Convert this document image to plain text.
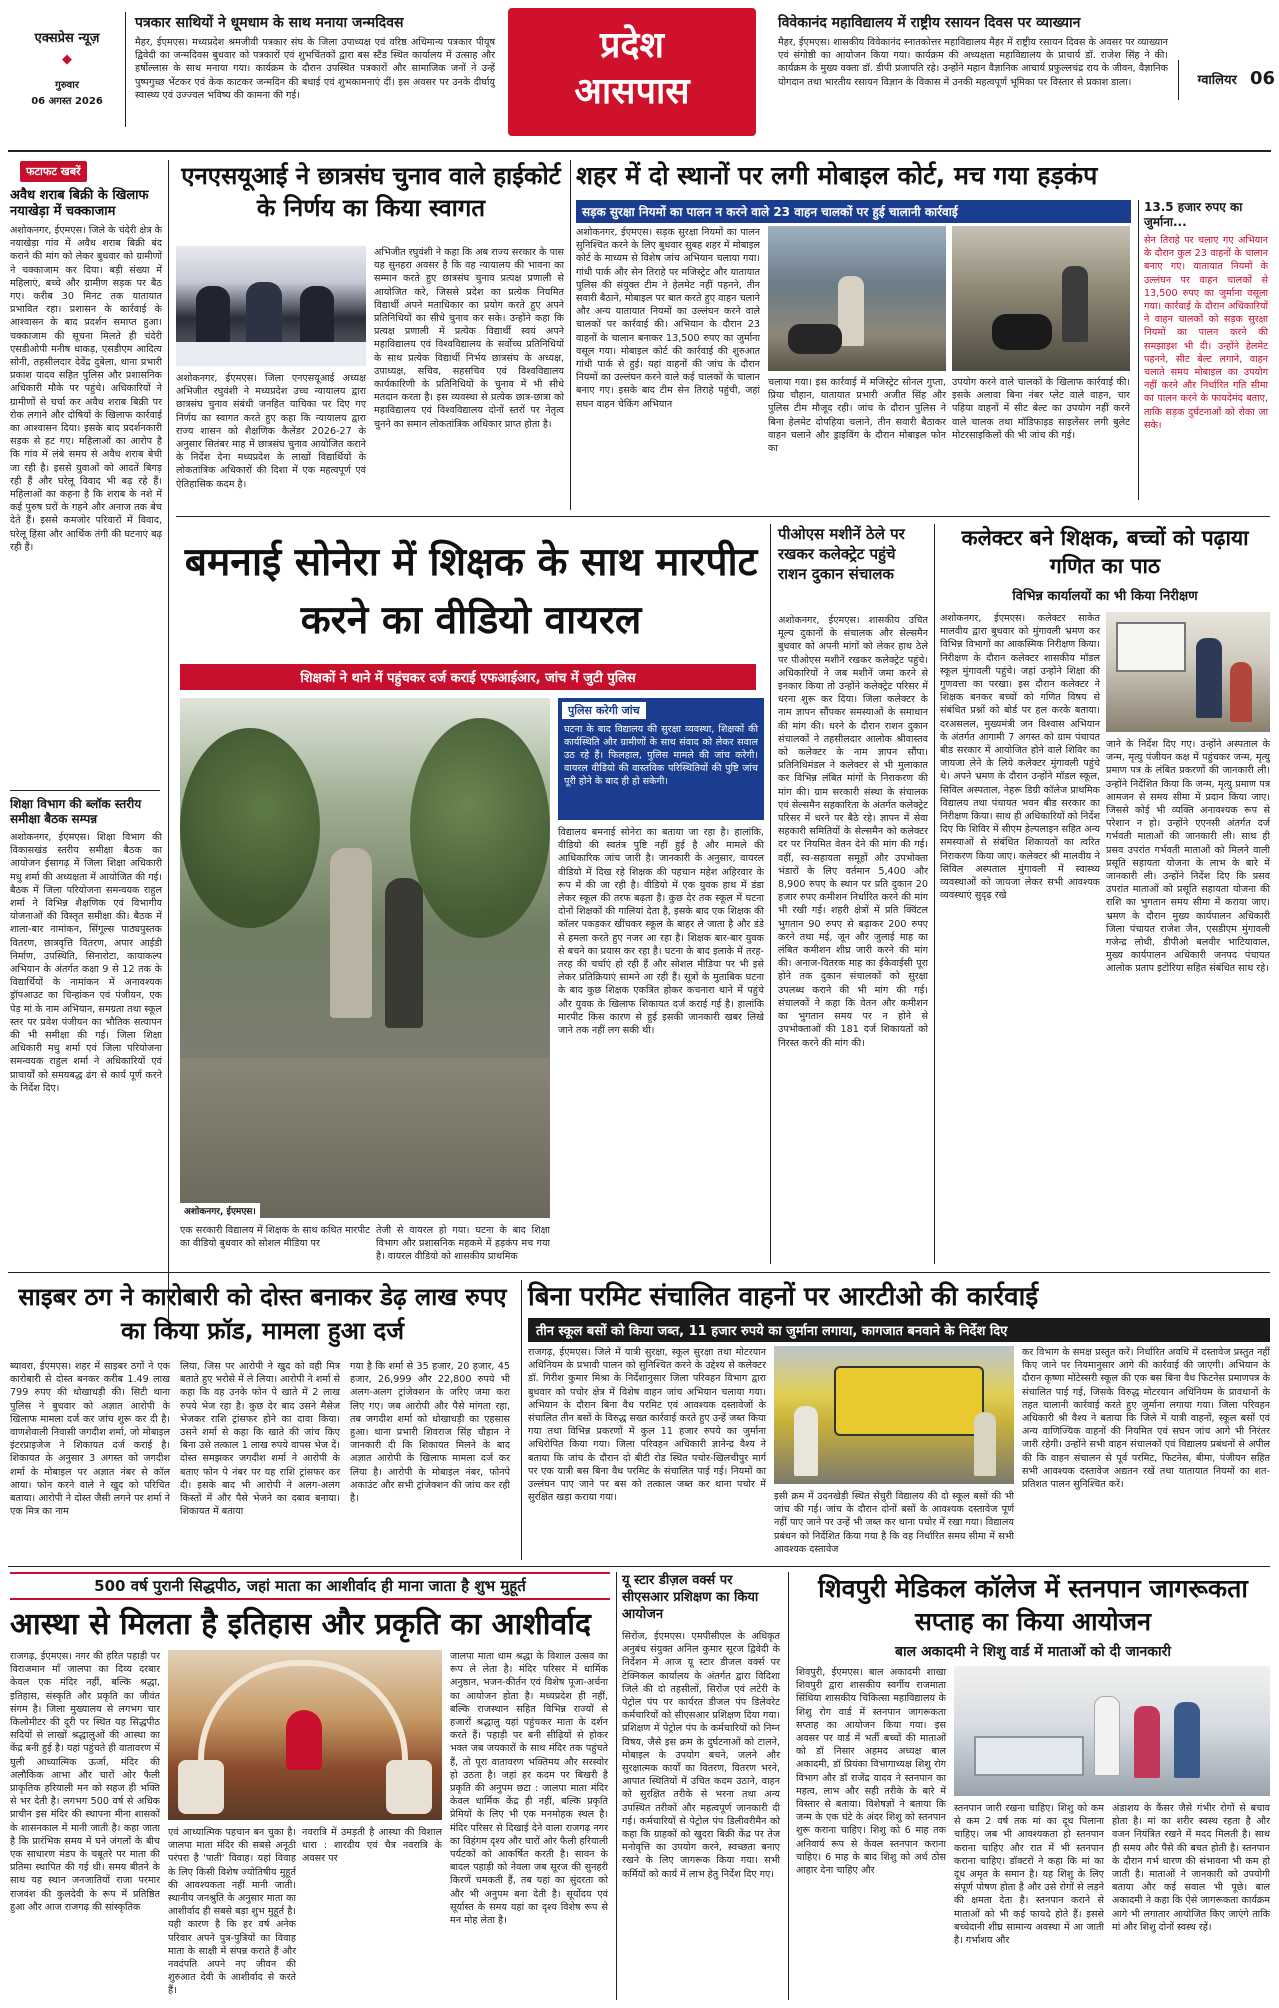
एक्सप्रेस न्यूज़
◆
गुरुवार
06 अगस्त 2026
पत्रकार साथियों ने धूमधाम के साथ मनाया जन्मदिवस
मैहर, ईएमएस। मध्यप्रदेश श्रमजीवी पत्रकार संघ के जिला उपाध्यक्ष एवं वरिष्ठ अधिमान्य पत्रकार पीयूष द्विवेदी का जन्मदिवस बुधवार को पत्रकारों एवं शुभचिंतकों द्वारा बस स्टैंड स्थित कार्यालय में उत्साह और हर्षोल्लास के साथ मनाया गया। कार्यक्रम के दौरान उपस्थित पत्रकारों और सामाजिक जनों ने उन्हें पुष्पगुच्छ भेंटकर एवं केक काटकर जन्मदिन की बधाई एवं शुभकामनाएं दीं। इस अवसर पर उनके दीर्घायु स्वास्थ्य एवं उज्ज्वल भविष्य की कामना की गई।
प्रदेश
आसपास
विवेकानंद महाविद्यालय में राष्ट्रीय रसायन दिवस पर व्याख्यान
मैहर, ईएमएस। शासकीय विवेकानंद स्नातकोत्तर महाविद्यालय मैहर में राष्ट्रीय रसायन दिवस के अवसर पर व्याख्यान एवं संगोष्ठी का आयोजन किया गया। कार्यक्रम की अध्यक्षता महाविद्यालय के प्राचार्य डॉ. राजेश सिंह ने की। कार्यक्रम के मुख्य वक्ता डॉ. डीपी प्रजापति रहे। उन्होंने महान वैज्ञानिक आचार्य प्रफुल्लचंद्र राय के जीवन, वैज्ञानिक योगदान तथा भारतीय रसायन विज्ञान के विकास में उनकी महत्वपूर्ण भूमिका पर विस्तार से प्रकाश डाला।	ग्वालियर 06
फटाफट खबरें
अवैध शराब बिक्री के खिलाफ नयाखेड़ा में चक्काजाम
अशोकनगर, ईएमएस। जिले के चंदेरी क्षेत्र के नयाखेड़ा गांव में अवैध शराब बिक्री बंद कराने की मांग को लेकर बुधवार को ग्रामीणों ने चक्काजाम कर दिया। बड़ी संख्या में महिलाएं, बच्चे और ग्रामीण सड़क पर बैठ गए। करीब 30 मिनट तक यातायात प्रभावित रहा। प्रशासन के कार्रवाई के आश्वासन के बाद प्रदर्शन समाप्त हुआ। चक्काजाम की सूचना मिलते ही चंदेरी एसडीओपी मनीष धाकड़, एसडीएम आदित्य सोनी, तहसीलदार देवेंद्र दुबेला, थाना प्रभारी प्रकाश यादव सहित पुलिस और प्रशासनिक अधिकारी मौके पर पहुंचे। अधिकारियों ने ग्रामीणों से चर्चा कर अवैध शराब बिक्री पर रोक लगाने और दोषियों के खिलाफ कार्रवाई का आश्वासन दिया। इसके बाद प्रदर्शनकारी सड़क से हट गए। महिलाओं का आरोप है कि गांव में लंबे समय से अवैध शराब बेची जा रही है। इससे युवाओं को आदतें बिगड़ रही हैं और घरेलू विवाद भी बढ़ रहे हैं। महिलाओं का कहना है कि शराब के नशे में कई पुरुष घरों के गहने और अनाज तक बेच देते हैं। इससे कमजोर परिवारों में विवाद, घरेलू हिंसा और आर्थिक तंगी की घटनाएं बढ़ रही हैं।
शिक्षा विभाग की ब्लॉक स्तरीय समीक्षा बैठक सम्पन्न
अशोकनगर, ईएमएस। शिक्षा विभाग की विकासखंड स्तरीय समीक्षा बैठक का आयोजन ईसागढ़ में जिला शिक्षा अधिकारी मधु शर्मा की अध्यक्षता में आयोजित की गई। बैठक में जिला परियोजना समन्वयक राहुल शर्मा ने विभिन्न शैक्षणिक एवं विभागीय योजनाओं की विस्तृत समीक्षा की। बैठक में शाला-बार नामांकन, सिंगूल्स पाठ्यपुस्तक वितरण, छात्रवृत्ति वितरण, अपार आईडी निर्माण, उपस्थिति, सिनारोटा, कायाकल्प अभियान के अंतर्गत कक्षा 9 से 12 तक के विद्यार्थियों के नामांकन में अनावश्यक ड्रॉपआउट का चिन्हांकन एवं पंजीयन, एक पेड़ मां के नाम अभियान, समग्रता तथा स्कूल स्तर पर प्रवेश पंजीयन का भौतिक सत्यापन की भी समीक्षा की गई। जिला शिक्षा अधिकारी मधु शर्मा एवं जिला परियोजना समन्वयक राहुल शर्मा ने अधिकारियों एवं प्राचार्यों को समयबद्ध ढंग से कार्य पूर्ण करने के निर्देश दिए।
एनएसयूआई ने छात्रसंघ चुनाव वाले हाईकोर्ट के निर्णय का किया स्वागत
अशोकनगर, ईएमएस। जिला एनएसयूआई अध्यक्ष अभिजीत रघुवंशी ने मध्यप्रदेश उच्च न्यायालय द्वारा छात्रसंघ चुनाव संबंधी जनहित याचिका पर दिए गए निर्णय का स्वागत करते हुए कहा कि न्यायालय द्वारा राज्य शासन को शैक्षणिक कैलेंडर 2026-27 के अनुसार सितंबर माह में छात्रसंघ चुनाव आयोजित कराने के निर्देश देना मध्यप्रदेश के लाखों विद्यार्थियों के लोकतांत्रिक अधिकारों की दिशा में एक महत्वपूर्ण एवं ऐतिहासिक कदम है।
अभिजीत रघुवंशी ने कहा कि अब राज्य सरकार के पास यह सुनहरा अवसर है कि वह न्यायालय की भावना का सम्मान करते हुए छात्रसंघ चुनाव प्रत्यक्ष प्रणाली से आयोजित करे, जिससे प्रदेश का प्रत्येक नियमित विद्यार्थी अपने मताधिकार का प्रयोग करते हुए अपने प्रतिनिधियों का सीधे चुनाव कर सके। उन्होंने कहा कि प्रत्यक्ष प्रणाली में प्रत्येक विद्यार्थी स्वयं अपने महाविद्यालय एवं विश्वविद्यालय के सर्वोच्च प्रतिनिधियों के साथ प्रत्येक विद्यार्थी निर्भय छात्रसंघ के अध्यक्ष, उपाध्यक्ष, सचिव, सहसचिव एवं विश्वविद्यालय कार्यकारिणी के प्रतिनिधियों के चुनाव में भी सीधे मतदान करता है। इस व्यवस्था से प्रत्येक छात्र-छात्रा को महाविद्यालय एवं विश्वविद्यालय दोनों स्तरों पर नेतृत्व चुनने का समान लोकतांत्रिक अधिकार प्राप्त होता है।
शहर में दो स्थानों पर लगी मोबाइल कोर्ट, मच गया हड़कंप
सड़क सुरक्षा नियमों का पालन न करने वाले 23 वाहन चालकों पर हुई चालानी कार्रवाई
अशोकनगर, ईएमएस। सड़क सुरक्षा नियमों का पालन सुनिश्चित करने के लिए बुधवार सुबह शहर में मोबाइल कोर्ट के माध्यम से विशेष जांच अभियान चलाया गया। गांधी पार्क और सेन तिराहे पर मजिस्ट्रेट और यातायात पुलिस की संयुक्त टीम ने हेलमेट नहीं पहनने, तीन सवारी बैठाने, मोबाइल पर बात करते हुए वाहन चलाने और अन्य यातायात नियमों का उल्लंघन करने वाले चालकों पर कार्रवाई की। अभियान के दौरान 23 वाहनों के चालान बनाकर 13,500 रुपए का जुर्माना वसूल गया। मोबाइल कोर्ट की कार्रवाई की शुरुआत गांधी पार्क से हुई। यहां वाहनों की जांच के दौरान नियमों का उल्लंघन करने वाले कई चालकों के चालान बनाए गए। इसके बाद टीम सेन तिराहे पहुंची, जहां सघन वाहन चेकिंग अभियान
चलाया गया। इस कार्रवाई में मजिस्ट्रेट सोनल गुप्ता, प्रिया चौहान, यातायात प्रभारी अजीत सिंह और पुलिस टीम मौजूद रही। जांच के दौरान पुलिस ने बिना हेलमेट दोपहिया चलाने, तीन सवारी बैठाकर वाहन चलाने और ड्राइविंग के दौरान मोबाइल फोन का
उपयोग करने वाले चालकों के खिलाफ कार्रवाई की। इसके अलावा बिना नंबर प्लेट वाले वाहन, चार पहिया वाहनों में सीट बेल्ट का उपयोग नहीं करने वाले चालक तथा मॉडिफाइड साइलेंसर लगी बुलेट मोटरसाइकिलों की भी जांच की गई।
13.5 हजार रुपए का जुर्माना...
सेन तिराहे पर चलाए गए अभियान के दौरान कुल 23 वाहनों के चालान बनाए गए। यातायात नियमों के उल्लंघन पर वाहन चालकों से 13,500 रुपए का जुर्माना वसूला गया। कार्रवाई के दौरान अधिकारियों ने वाहन चालकों को सड़क सुरक्षा नियमों का पालन करने की समझाइश भी दी। उन्होंने हेलमेट पहनने, सीट बेल्ट लगाने, वाहन चलाते समय मोबाइल का उपयोग नहीं करने और निर्धारित गति सीमा का पालन करने के फायदेमंद बताए, ताकि सड़क दुर्घटनाओं को रोका जा सके।
बमनाई सोनेरा में शिक्षक के साथ मारपीट करने का वीडियो वायरल
शिक्षकों ने थाने में पहुंचकर दर्ज कराई एफआईआर, जांच में जुटी पुलिस
अशोकनगर, ईएमएस।
एक सरकारी विद्यालय में शिक्षक के साथ कथित मारपीट का वीडियो बुधवार को सोशल मीडिया पर
तेजी से वायरल हो गया। घटना के बाद शिक्षा विभाग और प्रशासनिक महकमे में हड़कंप मच गया है। वायरल वीडियो को शासकीय प्राथमिक
पुलिस करेगी जांच
घटना के बाद विद्यालय की सुरक्षा व्यवस्था, शिक्षकों की कार्यस्थिति और ग्रामीणों के साथ संवाद को लेकर सवाल उठ रहे हैं। फिलहाल, पुलिस मामले की जांच करेगी। वायरल वीडियो की वास्तविक परिस्थितियों की पुष्टि जांच पूरी होने के बाद ही हो सकेगी।
विद्यालय बमनाई सोनेरा का बताया जा रहा है। हालांकि, वीडियो की स्वतंत्र पुष्टि नहीं हुई है और मामले की आधिकारिक जांच जारी है। जानकारी के अनुसार, वायरल वीडियो में दिख रहे शिक्षक की पहचान महेश अहिरवार के रूप में की जा रही है। वीडियो में एक युवक हाथ में डंडा लेकर स्कूल की तरफ बढ़ता है। कुछ देर तक स्कूल में घटना दोनों शिक्षकों की गालियां देता है, इसके बाद एक शिक्षक की कॉलर पकड़कर खींचकर स्कूल के बाहर ले जाता है और डंडे से हमला करते हुए नजर आ रहा है। शिक्षक बार-बार युवक से बचने का प्रयास कर रहा है। घटना के बाद इलाके में तरह-तरह की चर्चाएं हो रही हैं और सोशल मीडिया पर भी इसे लेकर प्रतिक्रियाएं सामने आ रही हैं। सूत्रों के मुताबिक घटना के बाद कुछ शिक्षक एकत्रित होकर कचनारा थाने में पहुंचे और युवक के खिलाफ शिकायत दर्ज कराई गई है। हालांकि मारपीट किस कारण से हुई इसकी जानकारी खबर लिखे जाने तक नहीं लग सकी थी।
पीओएस मशीनें ठेले पर रखकर कलेक्ट्रेट पहुंचे राशन दुकान संचालक
अशोकनगर, ईएमएस। शासकीय उचित मूल्य दुकानों के संचालक और सेल्समैन बुधवार को अपनी मांगों को लेकर हाथ ठेले पर पीओएस मशीनें रखकर कलेक्ट्रेट पहुंचे। अधिकारियों ने जब मशीनें जमा करने से इनकार किया तो उन्होंने कलेक्ट्रेट परिसर में धरना शुरू कर दिया। जिला कलेक्टर के नाम ज्ञापन सौंपकर समस्याओं के समाधान की मांग की। धरने के दौरान राशन दुकान संचालकों ने तहसीलदार आलोक श्रीवास्तव को कलेक्टर के नाम ज्ञापन सौंपा। प्रतिनिधिमंडल ने कलेक्टर से भी मुलाकात कर विभिन्न लंबित मांगों के निराकरण की मांग की। ग्राम सरकारी संस्था के संचालक एवं सेल्समैन सहकारिता के अंतर्गत कलेक्ट्रेट परिसर में धरने पर बैठे रहे। ज्ञापन में सेवा सहकारी समितियों के सेल्समैन को कलेक्टर दर पर नियमित वेतन देने की मांग की गई। वहीं, स्व-सहायता समूहों और उपभोक्ता भंडारों के लिए वर्तमान 5,400 और 8,900 रुपए के स्थान पर प्रति दुकान 20 हजार रुपए कमीशन निर्धारित करने की मांग भी रखी गई। शहरी क्षेत्रों में प्रति क्विंटल भुगतान 90 रुपए से बढ़ाकर 200 रुपए करने तथा मई, जून और जुलाई माह का लंबित कमीशन शीघ्र जारी करने की मांग की। अनाज-वितरक माह का ईकेवाईसी पूरा होने तक दुकान संचालकों को सुरक्षा उपलब्ध कराने की भी मांग की गई। संचालकों ने कहा कि वेतन और कमीशन का भुगतान समय पर न होने से उपभोक्ताओं की 181 दर्ज शिकायतों को निरस्त करने की मांग की।
कलेक्टर बने शिक्षक, बच्चों को पढ़ाया गणित का पाठ
विभिन्न कार्यालयों का भी किया निरीक्षण
अशोकनगर, ईएमएस। कलेक्टर साकेत मालवीय द्वारा बुधवार को मुंगावली भ्रमण कर विभिन्न विभागों का आकस्मिक निरीक्षण किया। निरीक्षण के दौरान कलेक्टर शासकीय मॉडल स्कूल मुंगावली पहुंचे। जहां उन्होंने शिक्षा की गुणवत्ता का परखा। इस दौरान कलेक्टर ने शिक्षक बनकर बच्चों को गणित विषय से संबंधित प्रश्नों को बोर्ड पर हल करके बताया। दरअसलल, मुख्यमंत्री जन विश्वास अभियान के अंतर्गत आगामी 7 अगस्त को ग्राम पंचायत बीड सरकार में आयोजित होने वाले शिविर का जायजा लेने के लिये कलेक्टर मुंगावली पहुंचे थे। अपने भ्रमण के दौरान उन्होंने मॉडल स्कूल, सिविल अस्पताल, नेहरू डिग्री कॉलेज प्राथमिक विद्यालय तथा पंचायत भवन बीड सरकार का निरीक्षण किया। साथ ही अधिकारियों को निर्देश दिए कि शिविर में सीएम हेल्पलाइन सहित अन्य समस्याओं से संबंधित शिकायतों का त्वरित निराकरण किया जाए। कलेक्टर श्री मालवीय ने सिविल अस्पताल मुंगावली में स्वास्थ्य व्यवस्थाओं को जायजा लेकर सभी आवश्यक व्यवस्थाएं सुदृढ़ रखे
जाने के निर्देश दिए गए। उन्होंने अस्पताल के जन्म, मृत्यु पंजीयन कक्ष में पहुंचकर जन्म, मृत्यु प्रमाण पत्र के लंबित प्रकरणों की जानकारी ली। उन्होंने निर्देशित किया कि जन्म, मृत्यु प्रमाण पत्र आमजन से समय सीमा में प्रदान किया जाए। जिससे कोई भी व्यक्ति अनावश्यक रूप से परेशान न हो। उन्होंने एएनसी अंतर्गत दर्ज गर्भवती माताओं की जानकारी ली। साथ ही प्रसव उपरांत गर्भवती माताओं को मिलने वाली प्रसूति सहायता योजना के लाभ के बारे में जानकारी ली। उन्होंने निर्देश दिए कि प्रसव उपरांत माताओं को प्रसूति सहायता योजना की राशि का भुगतान समय सीमा में कराया जाए। भ्रमण के दौरान मुख्य कार्यपालन अधिकारी जिला पंचायत राजेश जैन, एसडीएम मुंगावली गजेन्द्र लोधी, डीपीओ बलवीर भाटियावाल, मुख्य कार्यपालन अधिकारी जनपद पंचायत आलोक प्रताप इटोरिया सहित संबंधित साथ रहे।
साइबर ठग ने कारोबारी को दोस्त बनाकर डेढ़ लाख रुपए का किया फ्रॉड, मामला हुआ दर्ज
ब्यावरा, ईएमएस। शहर में साइबर ठगों ने एक कारोबारी से दोस्त बनकर करीब 1.49 लाख 799 रुपए की धोखाधड़ी की। सिटी थाना पुलिस ने बुधवार को अज्ञात आरोपी के खिलाफ मामला दर्ज कर जांच शुरू कर दी है। वाणशेवाली निवासी जगदीश शर्मा, जो मोबाइल इंटरप्राइजेज ने शिकायत दर्ज कराई है। शिकायत के अनुसार 3 अगस्त को जगदीश शर्मा के मोबाइल पर अज्ञात नंबर से कॉल आया। फोन करने वाले ने खुद को परिचित बताया। आरोपी ने दोस्त जैसी लगने पर शर्मा ने एक मित्र का नाम
लिया, जिस पर आरोपी ने खुद को वही मित्र बताते हुए भरोसे में ले लिया। आरोपी ने शर्मा से कहा कि वह उनके फोन पे खाते में 2 लाख रुपये भेज रहा है। कुछ देर बाद उसने मैसेज भेजकर राशि ट्रांसफर होने का दावा किया। उसने शर्मा से कहा कि खाते की जांच किए बिना उसे तत्काल 1 लाख रुपये वापस भेज दें। दोस्त समझकर जगदीश शर्मा ने आरोपी के बताए फोन पे नंबर पर यह राशि ट्रांसफर कर दी। इसके बाद भी आरोपी ने अलग-अलग किस्तों में और पैसे भेजने का दबाव बनाया। शिकायत में बताया
गया है कि शर्मा से 35 हजार, 20 हजार, 45 हजार, 26,999 और 22,800 रुपये भी अलग-अलग ट्रांजेक्शन के जरिए जमा करा लिए गए। जब आरोपी और पैसे मांगता रहा, तब जगदीश शर्मा को धोखाधड़ी का एहसास हुआ। थाना प्रभारी शिवराज सिंह चौहान ने जानकारी दी कि शिकायत मिलने के बाद अज्ञात आरोपी के खिलाफ मामला दर्ज कर लिया है। आरोपी के मोबाइल नंबर, फोनपे अकाउंट और सभी ट्रांजेक्शन की जांच कर रही है।
बिना परमिट संचालित वाहनों पर आरटीओ की कार्रवाई
तीन स्कूल बसों को किया जब्त, 11 हजार रुपये का जुर्माना लगाया, कागजात बनवाने के निर्देश दिए
राजगढ़, ईएमएस। जिले में यात्री सुरक्षा, स्कूल सुरक्षा तथा मोटरयान अधिनियम के प्रभावी पालन को सुनिश्चित करने के उद्देश्य से कलेक्टर डॉ. गिरीश कुमार मिश्रा के निर्देशानुसार जिला परिवहन विभाग द्वारा बुधवार को पचोर क्षेत्र में विशेष वाहन जांच अभियान चलाया गया। अभियान के दौरान बिना वैध परमिट एवं आवश्यक दस्तावेजों के संचालित तीन बसों के विरुद्ध सख्त कार्रवाई करते हुए उन्हें जब्त किया गया तथा विभिन्न प्रकरणों में कुल 11 हजार रुपये का जुर्माना अधिरोपित किया गया। जिला परिवहन अधिकारी ज्ञानेन्द्र वैश्य ने बताया कि जांच के दौरान दो बीटी रोड स्थित पचोर-खिलचीपुर मार्ग पर एक यात्री बस बिना वैध परमिट के संचालित पाई गई। नियमों का उल्लंघन पाए जाने पर बस को तत्काल जब्त कर थाना पचोर में सुरक्षित खड़ा कराया गया।	इसी क्रम में उदनखेड़ी स्थित सेंचुरी विद्यालय की दो स्कूल बसों की भी जांच की गई। जांच के दौरान दोनों बसों के आवश्यक दस्तावेज पूर्ण नहीं पाए जाने पर उन्हें भी जब्त कर थाना पचोर में रखा गया। विद्यालय प्रबंधन को निर्देशित किया गया है कि वह निर्धारित समय सीमा में सभी आवश्यक दस्तावेज
कर विभाग के समक्ष प्रस्तुत करें। निर्धारित अवधि में दस्तावेज प्रस्तुत नहीं किए जाने पर नियमानुसार आगे की कार्रवाई की जाएगी। अभियान के दौरान कृष्णा मोंटेस्सरी स्कूल की एक बस बिना वैध फिटनेस प्रमाणपत्र के संचालित पाई गई, जिसके विरुद्ध मोटरयान अधिनियम के प्रावधानों के तहत चालानी कार्रवाई करते हुए जुर्माना लगाया गया। जिला परिवहन अधिकारी श्री वैश्य ने बताया कि जिले में यात्री वाहनों, स्कूल बसों एवं अन्य वाणिज्यिक वाहनों की नियमित एवं सघन जांच आगे भी निरंतर जारी रहेगी। उन्होंने सभी वाहन संचालकों एवं विद्यालय प्रबंधनों से अपील की कि वाहन संचालन से पूर्व परमिट, फिटनेस, बीमा, पंजीयन सहित सभी आवश्यक दस्तावेज अद्यतन रखें तथा यातायात नियमों का शत-प्रतिशत पालन सुनिश्चित करें।
500 वर्ष पुरानी सिद्धपीठ, जहां माता का आशीर्वाद ही माना जाता है शुभ मुहूर्त
आस्था से मिलता है इतिहास और प्रकृति का आशीर्वाद
राजगढ़, ईएमएस। नगर की हरित पहाड़ी पर विराजमान माँ जालपा का दिव्य दरबार केवल एक मंदिर नहीं, बल्कि श्रद्धा, इतिहास, संस्कृति और प्रकृति का जीवंत संगम है। जिला मुख्यालय से लगभग चार किलोमीटर की दूरी पर स्थित यह सिद्धपीठ सदियों से लाखों श्रद्धालुओं की आस्था का केंद्र बनी हुई है। यहां पहुंचते ही वातावरण में घुली आध्यात्मिक ऊर्जा, मंदिर की अलौकिक आभा और चारों ओर फैली प्राकृतिक हरियाली मन को सहज ही भक्ति से भर देती है। लगभग 500 वर्ष से अधिक प्राचीन इस मंदिर की स्थापना मीना शासकों के शासनकाल में मानी जाती है। कहा जाता है कि प्रारंभिक समय में घने जंगलों के बीच एक साधारण मंडप के चबूतरे पर माता की प्रतिमा स्थापित की गई थी। समय बीतने के साथ यह स्थान जनजातियों राजा परमार राजवंश की कुलदेवी के रूप में प्रतिष्ठित हुआ और आज राजगढ़ की सांस्कृतिक
एवं आध्यात्मिक पहचान बन चुका है। जालपा माता मंदिर की सबसे अनूठी परंपरा है 'पाती' विवाह। यहां विवाह के लिए किसी विशेष ज्योतिषीय मुहूर्त की आवश्यकता नहीं मानी जाती। स्थानीय जनश्रुति के अनुसार माता का आशीर्वाद ही सबसे बड़ा शुभ मुहूर्त है। यही कारण है कि हर वर्ष अनेक परिवार अपने पुत्र-पुत्रियों का विवाह माता के साक्षी में संपन्न कराते हैं और नवदंपति अपने नए जीवन की शुरुआत देवी के आशीर्वाद से करते हैं।
नवरात्रि में उमड़ती है आस्था की विशाल धारा : शारदीय एवं चैत्र नवरात्रि के अवसर पर
जालपा माता धाम श्रद्धा के विशाल उत्सव का रूप ले लेता है। मंदिर परिसर में धार्मिक अनुष्ठान, भजन-कीर्तन एवं विशेष पूजा-अर्चना का आयोजन होता है। मध्यप्रदेश ही नहीं, बल्कि राजस्थान सहित विभिन्न राज्यों से हजारों श्रद्धालु यहां पहुंचकर माता के दर्शन करते हैं। पहाड़ी पर बनी सीढ़ियों से होकर भक्त जब जयकारों के साथ मंदिर तक पहुंचते हैं, तो पूरा वातावरण भक्तिमय और सरस्वोर हो उठता है। जहां हर कदम पर बिखरी है प्रकृति की अनुपम छटा : जालपा माता मंदिर केवल धार्मिक केंद्र ही नहीं, बल्कि प्रकृति प्रेमियों के लिए भी एक मनमोहक स्थल है। मंदिर परिसर से दिखाई देने वाला राजगढ़ नगर का विहंगम दृश्य और चारों ओर फैली हरियाली पर्यटकों को आकर्षित करती है। सावन के बादल पहाड़ी को नेवला जब सूरज की सुनहरी किरणें चमकती हैं, तब यहां का सुंदरता को और भी अनुपम बना देती है। सूर्योदय एवं सूर्यास्त के समय यहां का दृश्य विशेष रूप से मन मोह लेता है।
यू स्टार डीज़ल वर्क्स पर सीएसआर प्रशिक्षण का किया आयोजन
सिरोंज, ईएमएस। एमपीसीएल के अधिकृत अनुबंध संयुक्त अनिल कुमार सूरज द्विवेदी के निर्देशन में आज यू स्टार डीजल वर्क्स पर टेक्निकल कार्यालय के अंतर्गत द्वारा विदिशा जिले की दो तहसीलों, सिरोंज एवं लटेरी के पेट्रोल पंप पर कार्यरत डीजल पंप डिलेवरेट कर्मचारियों को सीएसआर प्रशिक्षण दिया गया। प्रशिक्षण में पेट्रोल पंप के कर्मचारियों को निम्न विषय, जैसे इस क्रम के दुर्घटनाओं को टालने, मोबाइल के उपयोग बचने, जलने और सुरक्षात्मक कार्यों का वितरण, वितरण भरने, आपात स्थितियों में उचित कदम उठाने, वाहन को सुरक्षित तरीके से भरना तथा अन्य उपस्थित तरीकों और महत्वपूर्ण जानकारी दी गई। कर्मचारियों से पेट्रोल पंप डिलीवरीमैन को कहा कि ग्राहकों को खुदरा बिक्री केंद्र पर तेज मनोवृत्ति का उपयोग करने, स्वच्छता बनाए रखने के लिए जागरूक किया गया। सभी कर्मियों को कार्य में लाभ हेतु निर्देश दिए गए।
शिवपुरी मेडिकल कॉलेज में स्तनपान जागरूकता सप्ताह का किया आयोजन
बाल अकादमी ने शिशु वार्ड में माताओं को दी जानकारी
शिवपुरी, ईएमएस। बाल अकादमी शाखा शिवपुरी द्वारा शासकीय स्वर्गीय राजमाता सिंधिया शासकीय चिकित्सा महाविद्यालय के शिशु रोग वार्ड में स्तनपान जागरूकता सप्ताह का आयोजन किया गया। इस अवसर पर वार्ड में भर्ती बच्चों की माताओं को डॉ निसार अहमद अध्यक्ष बाल अकादमी, डॉ प्रियंका विभागाध्यक्ष शिशु रोग विभाग और डॉ राजेंद्र यादव ने स्तनपान का महत्व, लाभ और सही तरीके के बारे में विस्तार से बताया। विशेषज्ञों ने बताया कि जन्म के एक घंटे के अंदर शिशु को स्तनपान शुरू कराना चाहिए। शिशु को 6 माह तक अनिवार्य रूप से केवल स्तनपान कराना चाहिए। 6 माह के बाद शिशु को अर्ध ठोस आहार देना चाहिए और
स्तनपान जारी रखना चाहिए। शिशु को कम से कम 2 वर्ष तक मां का दूध पिलाना चाहिए। जब भी आवश्यकता हो स्तनपान कराना चाहिए और रात में भी स्तनपान कराना चाहिए। डॉक्टरों ने कहा कि मां का दूध अमृत के समान है। यह शिशु के लिए संपूर्ण पोषण होता है और उसे रोगों से लड़ने की क्षमता देता है। स्तनपान कराने से माताओं को भी कई फायदे होते हैं। इससे बच्चेदानी शीघ्र सामान्य अवस्था में आ जाती है। गर्भाशय और
अंडाशय के कैंसर जैसे गंभीर रोगों से बचाव होता है। मां का शरीर स्वस्थ रहता है और वजन नियंत्रित रखने में मदद मिलती है। साथ ही समय और पैसे की बचत होती है। स्तनपान के दौरान गर्भ धारण की संभावना भी कम हो जाती है। माताओं ने जानकारी को उपयोगी बताया और कई सवाल भी पूछे। बाल अकादमी ने कहा कि ऐसे जागरूकता कार्यक्रम आगे भी लगातार आयोजित किए जाएंगे ताकि मां और शिशु दोनों स्वस्थ रहें।
